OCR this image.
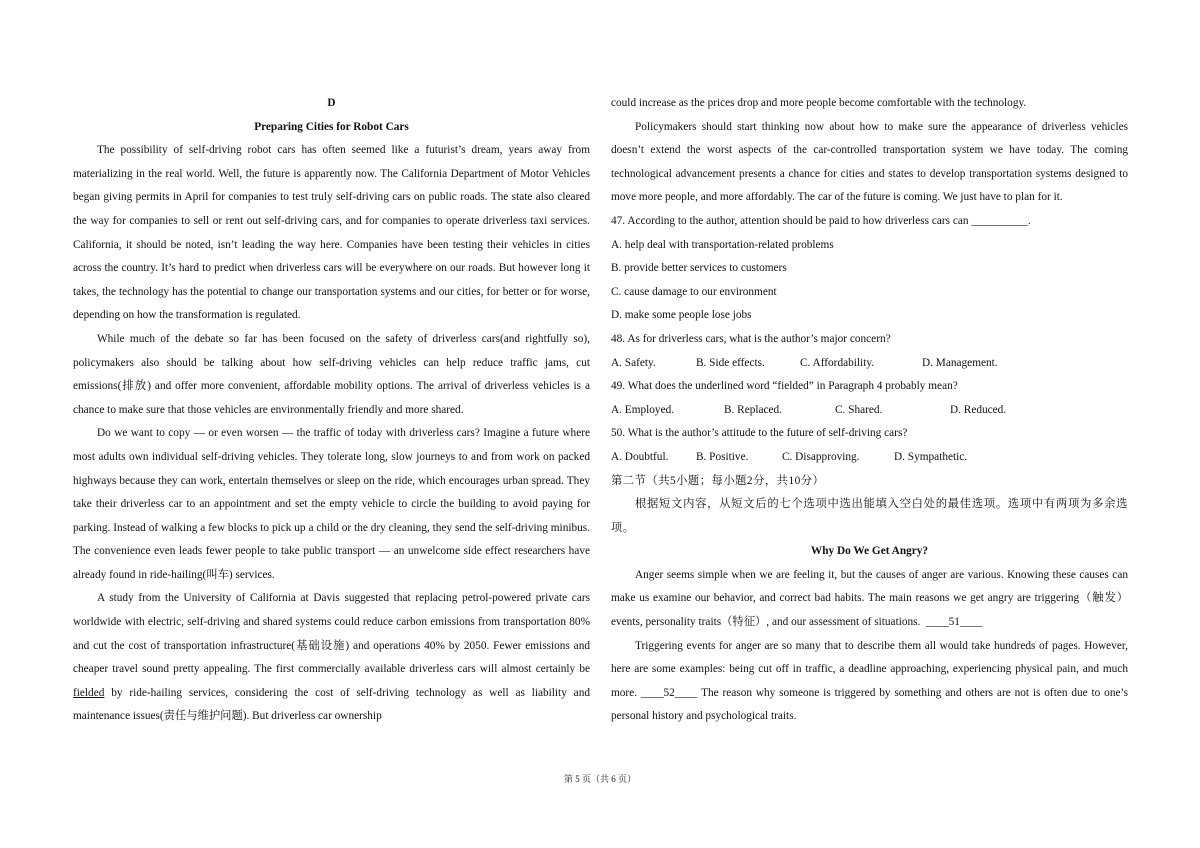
D

Preparing Cities for Robot Cars

The possibility of self-driving robot cars has often seemed like a futurist’s dream, years away from materializing in the real world. Well, the future is apparently now. The California Department of Motor Vehicles began giving permits in April for companies to test truly self-driving cars on public roads. The state also cleared the way for companies to sell or rent out self-driving cars, and for companies to operate driverless taxi services. California, it should be noted, isn’t leading the way here. Companies have been testing their vehicles in cities across the country. It’s hard to predict when driverless cars will be everywhere on our roads. But however long it takes, the technology has the potential to change our transportation systems and our cities, for better or for worse, depending on how the transformation is regulated.

While much of the debate so far has been focused on the safety of driverless cars(and rightfully so), policymakers also should be talking about how self-driving vehicles can help reduce traffic jams, cut emissions(排放) and offer more convenient, affordable mobility options. The arrival of driverless vehicles is a chance to make sure that those vehicles are environmentally friendly and more shared.

Do we want to copy — or even worsen — the traffic of today with driverless cars? Imagine a future where most adults own individual self-driving vehicles. They tolerate long, slow journeys to and from work on packed highways because they can work, entertain themselves or sleep on the ride, which encourages urban spread. They take their driverless car to an appointment and set the empty vehicle to circle the building to avoid paying for parking. Instead of walking a few blocks to pick up a child or the dry cleaning, they send the self-driving minibus. The convenience even leads fewer people to take public transport — an unwelcome side effect researchers have already found in ride-hailing(叫车) services.

A study from the University of California at Davis suggested that replacing petrol-powered private cars worldwide with electric, self-driving and shared systems could reduce carbon emissions from transportation 80% and cut the cost of transportation infrastructure(基础设施) and operations 40% by 2050. Fewer emissions and cheaper travel sound pretty appealing. The first commercially available driverless cars will almost certainly be fielded by ride-hailing services, considering the cost of self-driving technology as well as liability and maintenance issues(责任与维护问题). But driverless car ownership

could increase as the prices drop and more people become comfortable with the technology.

Policymakers should start thinking now about how to make sure the appearance of driverless vehicles doesn’t extend the worst aspects of the car-controlled transportation system we have today. The coming technological advancement presents a chance for cities and states to develop transportation systems designed to move more people, and more affordably. The car of the future is coming. We just have to plan for it.

47. According to the author, attention should be paid to how driverless cars can __________.

A. help deal with transportation-related problems

B. provide better services to customers

C. cause damage to our environment

D. make some people lose jobs

48. As for driverless cars, what is the author’s major concern?

A. Safety.	B. Side effects.	C. Affordability.	D. Management.

49. What does the underlined word “fielded” in Paragraph 4 probably mean?

A. Employed.	B. Replaced.	C. Shared.	D. Reduced.

50. What is the author’s attitude to the future of self-driving cars?

A. Doubtful.	B. Positive.	C. Disapproving.	D. Sympathetic.

第二节（共5小题；每小题2分，共10分）

根据短文内容，从短文后的七个选项中选出能填入空白处的最佳选项。选项中有两项为多余选项。

Why Do We Get Angry?

Anger seems simple when we are feeling it, but the causes of anger are various. Knowing these causes can make us examine our behavior, and correct bad habits. The main reasons we get angry are triggering（触发）events, personality traits（特征）, and our assessment of situations. ____51____

Triggering events for anger are so many that to describe them all would take hundreds of pages. However, here are some examples: being cut off in traffic, a deadline approaching, experiencing physical pain, and much more. ____52____ The reason why someone is triggered by something and others are not is often due to one’s personal history and psychological traits.

第 5 页（共 6 页）
